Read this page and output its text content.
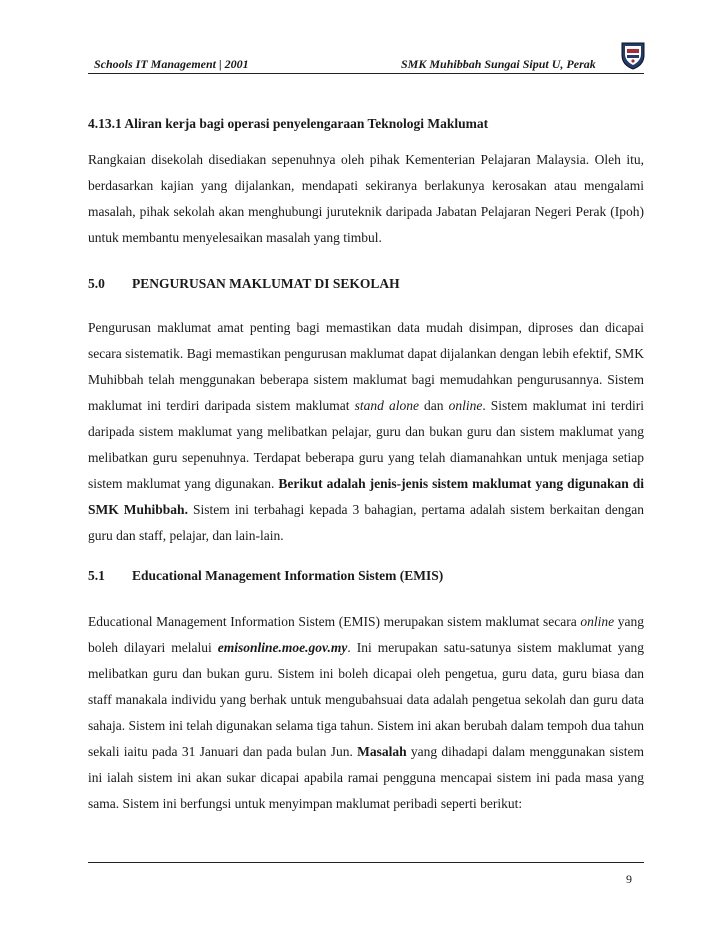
Schools IT Management | 2001	SMK Muhibbah Sungai Siput U, Perak
4.13.1 Aliran kerja bagi operasi penyelengaraan Teknologi Maklumat
Rangkaian disekolah disediakan sepenuhnya oleh pihak Kementerian Pelajaran Malaysia. Oleh itu, berdasarkan kajian yang dijalankan, mendapati sekiranya berlakunya kerosakan atau mengalami masalah, pihak sekolah akan menghubungi juruteknik daripada Jabatan Pelajaran Negeri Perak (Ipoh) untuk membantu menyelesaikan masalah yang timbul.
5.0 PENGURUSAN MAKLUMAT DI SEKOLAH
Pengurusan maklumat amat penting bagi memastikan data mudah disimpan, diproses dan dicapai secara sistematik. Bagi memastikan pengurusan maklumat dapat dijalankan dengan lebih efektif, SMK Muhibbah telah menggunakan beberapa sistem maklumat bagi memudahkan pengurusannya. Sistem maklumat ini terdiri daripada sistem maklumat stand alone dan online. Sistem maklumat ini terdiri daripada sistem maklumat yang melibatkan pelajar, guru dan bukan guru dan sistem maklumat yang melibatkan guru sepenuhnya. Terdapat beberapa guru yang telah diamanahkan untuk menjaga setiap sistem maklumat yang digunakan. Berikut adalah jenis-jenis sistem maklumat yang digunakan di SMK Muhibbah. Sistem ini terbahagi kepada 3 bahagian, pertama adalah sistem berkaitan dengan guru dan staff, pelajar, dan lain-lain.
5.1 Educational Management Information Sistem (EMIS)
Educational Management Information Sistem (EMIS) merupakan sistem maklumat secara online yang boleh dilayari melalui emisonline.moe.gov.my. Ini merupakan satu-satunya sistem maklumat yang melibatkan guru dan bukan guru. Sistem ini boleh dicapai oleh pengetua, guru data, guru biasa dan staff manakala individu yang berhak untuk mengubahsuai data adalah pengetua sekolah dan guru data sahaja. Sistem ini telah digunakan selama tiga tahun. Sistem ini akan berubah dalam tempoh dua tahun sekali iaitu pada 31 Januari dan pada bulan Jun. Masalah yang dihadapi dalam menggunakan sistem ini ialah sistem ini akan sukar dicapai apabila ramai pengguna mencapai sistem ini pada masa yang sama. Sistem ini berfungsi untuk menyimpan maklumat peribadi seperti berikut:
9
